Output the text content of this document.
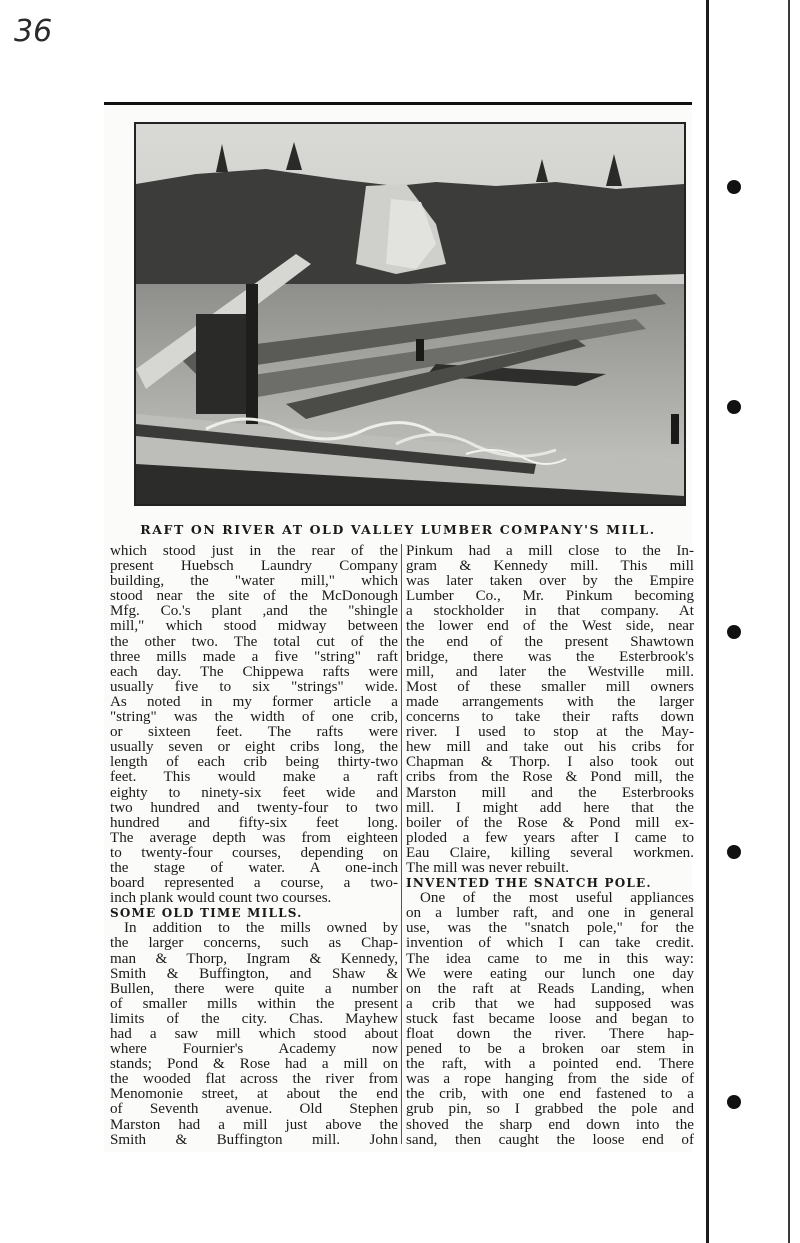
36
RAFT ON RIVER AT OLD VALLEY LUMBER COMPANY'S MILL.
which stood just in the rear of the
present Huebsch Laundry Company
building, the "water mill," which
stood near the site of the McDonough
Mfg. Co.'s plant ,and the "shingle
mill," which stood midway between
the other two. The total cut of the
three mills made a five "string" raft
each day. The Chippewa rafts were
usually five to six "strings" wide.
As noted in my former article a
"string" was the width of one crib,
or sixteen feet. The rafts were
usually seven or eight cribs long, the
length of each crib being thirty-two
feet. This would make a raft
eighty to ninety-six feet wide and
two hundred and twenty-four to two
hundred and fifty-six feet long.
The average depth was from eighteen
to twenty-four courses, depending on
the stage of water. A one-inch
board represented a course, a two-
inch plank would count two courses.
SOME OLD TIME MILLS.
In addition to the mills owned by
the larger concerns, such as Chap-
man & Thorp, Ingram & Kennedy,
Smith & Buffington, and Shaw &
Bullen, there were quite a number
of smaller mills within the present
limits of the city. Chas. Mayhew
had a saw mill which stood about
where Fournier's Academy now
stands; Pond & Rose had a mill on
the wooded flat across the river from
Menomonie street, at about the end
of Seventh avenue. Old Stephen
Marston had a mill just above the
Smith & Buffington mill. John
Pinkum had a mill close to the In-
gram & Kennedy mill. This mill
was later taken over by the Empire
Lumber Co., Mr. Pinkum becoming
a stockholder in that company. At
the lower end of the West side, near
the end of the present Shawtown
bridge, there was the Esterbrook's
mill, and later the Westville mill.
Most of these smaller mill owners
made arrangements with the larger
concerns to take their rafts down
river. I used to stop at the May-
hew mill and take out his cribs for
Chapman & Thorp. I also took out
cribs from the Rose & Pond mill, the
Marston mill and the Esterbrooks
mill. I might add here that the
boiler of the Rose & Pond mill ex-
ploded a few years after I came to
Eau Claire, killing several workmen.
The mill was never rebuilt.
INVENTED THE SNATCH POLE.
One of the most useful appliances
on a lumber raft, and one in general
use, was the "snatch pole," for the
invention of which I can take credit.
The idea came to me in this way:
We were eating our lunch one day
on the raft at Reads Landing, when
a crib that we had supposed was
stuck fast became loose and began to
float down the river. There hap-
pened to be a broken oar stem in
the raft, with a pointed end. There
was a rope hanging from the side of
the crib, with one end fastened to a
grub pin, so I grabbed the pole and
shoved the sharp end down into the
sand, then caught the loose end of
